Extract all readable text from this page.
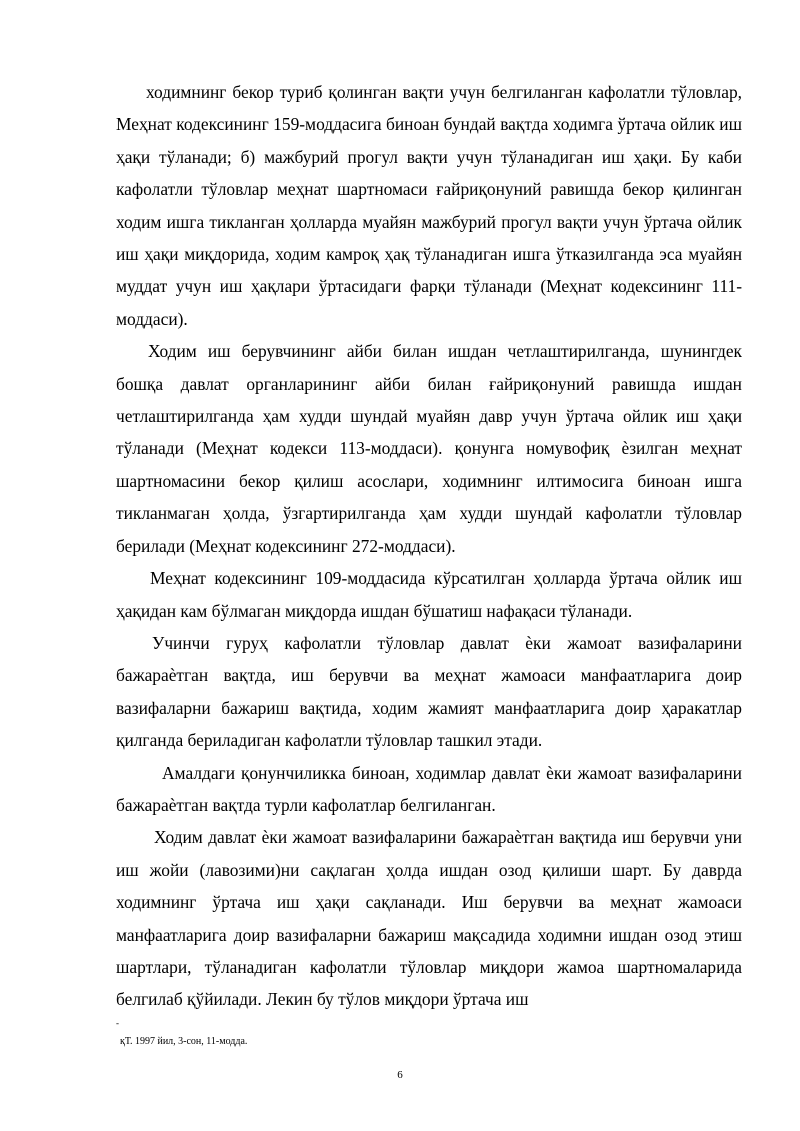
ходимнинг бекор туриб қолинган вақти учун белгиланган кафолатли тўловлар, Меҳнат кодексининг 159-моддасига биноан бундай вақтда ходимга ўртача ойлик иш ҳақи тўланади; б) мажбурий прогул вақти учун тўланадиган иш ҳақи. Бу каби кафолатли тўловлар меҳнат шартномаси ғайриқонуний равишда бекор қилинган ходим ишга тикланган ҳолларда муайян мажбурий прогул вақти учун ўртача ойлик иш ҳақи миқдорида, ходим камроқ ҳақ тўланадиган ишга ўтказилганда эса муайян муддат учун иш ҳақлари ўртасидаги фарқи тўланади (Меҳнат кодексининг 111-моддаси).

Ходим иш берувчининг айби билан ишдан четлаштирилганда, шунингдек бошқа давлат органларининг айби билан ғайриқонуний равишда ишдан четлаштирилганда ҳам худди шундай муайян давр учун ўртача ойлик иш ҳақи тўланади (Меҳнат кодекси 113-моддаси). қонунга номувофиқ ѐзилган меҳнат шартномасини бекор қилиш асослари, ходимнинг илтимосига биноан ишга тикланмаган ҳолда, ўзгартирилганда ҳам худди шундай кафолатли тўловлар берилади (Меҳнат кодексининг 272-моддаси).

Меҳнат кодексининг 109-моддасида кўрсатилган ҳолларда ўртача ойлик иш ҳақидан кам бўлмаган миқдорда ишдан бўшатиш нафақаси тўланади.

Учинчи гуруҳ кафолатли тўловлар давлат ѐки жамоат вазифаларини бажараѐтган вақтда, иш берувчи ва меҳнат жамоаси манфаатларига доир вазифаларни бажариш вақтида, ходим жамият манфаатларига доир ҳаракатлар қилганда бериладиган кафолатли тўловлар ташкил этади.

Амалдаги қонунчиликка биноан, ходимлар давлат ѐки жамоат вазифаларини бажараѐтган вақтда турли кафолатлар белгиланган.

Ходим давлат ѐки жамоат вазифаларини бажараѐтган вақтида иш берувчи уни иш жойи (лавозими)ни сақлаган ҳолда ишдан озод қилиши шарт. Бу даврда ходимнинг ўртача иш ҳақи сақланади. Иш берувчи ва меҳнат жамоаси манфаатларига доир вазифаларни бажариш мақсадида ходимни ишдан озод этиш шартлари, тўланадиган кафолатли тўловлар миқдори жамоа шартномаларида белгилаб қўйилади. Лекин бу тўлов миқдори ўртача иш

-
қТ. 1997 йил, 3-сон, 11-модда.
6
